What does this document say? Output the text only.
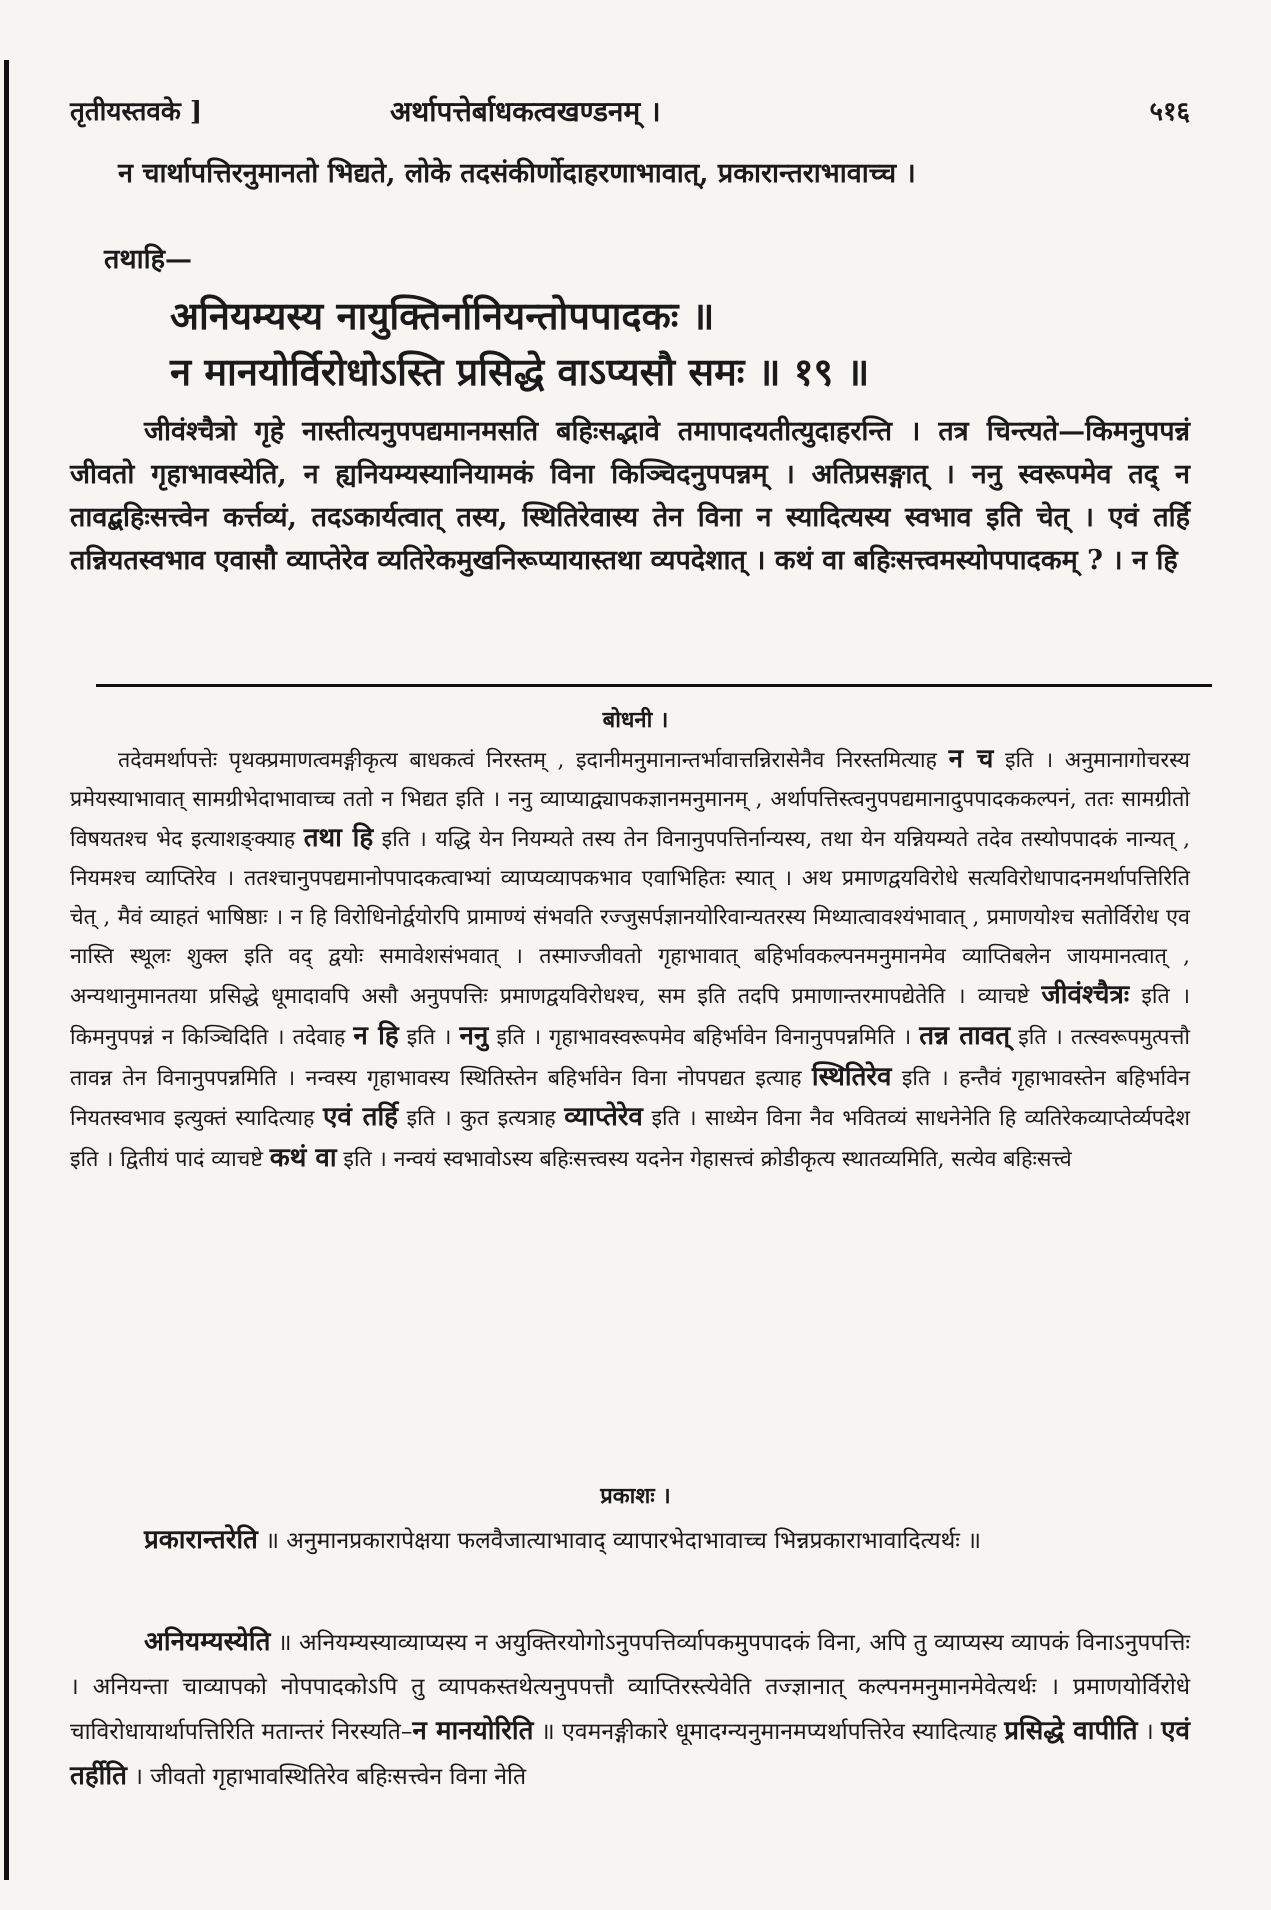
तृतीयस्तवके ]	अर्थापत्तेर्बाधकत्वखण्डनम् ।	५१६

न चार्थापत्तिरनुमानतो भिद्यते, लोके तदसंकीर्णोदाहरणाभावात्, प्रकारान्तराभावाच्च ।

तथाहि—

अनियम्यस्य नायुक्तिर्नानियन्तोपपादकः ॥

न मानयोर्विरोधोऽस्ति प्रसिद्धे वाऽप्यसौ समः ॥ १९ ॥

जीवंश्चैत्रो गृहे नास्तीत्यनुपपद्यमानमसति बहिःसद्भावे तमापादयतीत्युदाहरन्ति । तत्र चिन्त्यते—किमनुपपन्नं जीवतो गृहाभावस्येति, न ह्यनियम्यस्यानियामकं विना किञ्चिदनुपपन्नम् । अतिप्रसङ्गात् । ननु स्वरूपमेव तद् न तावद्बहिःसत्त्वेन कर्त्तव्यं, तदऽकार्यत्वात् तस्य, स्थितिरेवास्य तेन विना न स्यादित्यस्य स्वभाव इति चेत् । एवं तर्हि तन्नियतस्वभाव एवासौ व्याप्तेरेव व्यतिरेकमुखनिरूप्यायास्तथा व्यपदेशात् । कथं वा बहिःसत्त्वमस्योपपादकम् ? । न हि

बोधनी ।

तदेवमर्थापत्तेः पृथक्प्रमाणत्वमङ्गीकृत्य बाधकत्वं निरस्तम् , इदानीमनुमानान्तर्भावात्तन्निरासेनैव निरस्तमित्याह न च इति । अनुमानागोचरस्य प्रमेयस्याभावात् सामग्रीभेदाभावाच्च ततो न भिद्यत इति । ननु व्याप्याद्व्यापकज्ञानमनुमानम् , अर्थापत्तिस्त्वनुपपद्यमानादुपपादककल्पनं, ततः सामग्रीतो विषयतश्च भेद इत्याशङ्क्याह तथा हि इति । यद्धि येन नियम्यते तस्य तेन विनानुपपत्तिर्नान्यस्य, तथा येन यन्नियम्यते तदेव तस्योपपादकं नान्यत् , नियमश्च व्याप्तिरेव । ततश्चानुपपद्यमानोपपादकत्वाभ्यां व्याप्यव्यापकभाव एवाभिहितः स्यात् । अथ प्रमाणद्वयविरोधे सत्यविरोधापादनमर्थापत्तिरिति चेत् , मैवं व्याहतं भाषिष्ठाः । न हि विरोधिनोर्द्वयोरपि प्रामाण्यं संभवति रज्जुसर्पज्ञानयोरिवान्यतरस्य मिथ्यात्वावश्यंभावात् , प्रमाणयोश्च सतोर्विरोध एव नास्ति स्थूलः शुक्ल इति वद् द्वयोः समावेशसंभवात् । तस्माज्जीवतो गृहाभावात् बहिर्भावकल्पनमनुमानमेव व्याप्तिबलेन जायमानत्वात् , अन्यथानुमानतया प्रसिद्धे धूमादावपि असौ अनुपपत्तिः प्रमाणद्वयविरोधश्च, सम इति तदपि प्रमाणान्तरमापद्येतेति । व्याचष्टे जीवंश्चैत्रः इति । किमनुपपन्नं न किञ्चिदिति । तदेवाह न हि इति । ननु इति । गृहाभावस्वरूपमेव बहिर्भावेन विनानुपपन्नमिति । तन्न तावत् इति । तत्स्वरूपमुत्पत्तौ तावन्न तेन विनानुपपन्नमिति । नन्वस्य गृहाभावस्य स्थितिस्तेन बहिर्भावेन विना नोपपद्यत इत्याह स्थितिरेव इति । हन्तैवं गृहाभावस्तेन बहिर्भावेन नियतस्वभाव इत्युक्तं स्यादित्याह एवं तर्हि इति । कुत इत्यत्राह व्याप्तेरेव इति । साध्येन विना नैव भवितव्यं साधनेनेति हि व्यतिरेकव्याप्तेर्व्यपदेश इति । द्वितीयं पादं व्याचष्टे कथं वा इति । नन्वयं स्वभावोऽस्य बहिःसत्त्वस्य यदनेन गेहासत्त्वं क्रोडीकृत्य स्थातव्यमिति, सत्येव बहिःसत्त्वे

प्रकाशः ।

प्रकारान्तरेति ॥ अनुमानप्रकारापेक्षया फलवैजात्याभावाद् व्यापारभेदाभावाच्च भिन्नप्रकाराभावादित्यर्थः ॥

अनियम्यस्येति ॥ अनियम्यस्याव्याप्यस्य न अयुक्तिरयोगोऽनुपपत्तिर्व्यापकमुपपादकं विना, अपि तु व्याप्यस्य व्यापकं विनाऽनुपपत्तिः । अनियन्ता चाव्यापको नोपपादकोऽपि तु व्यापकस्तथेत्यनुपपत्तौ व्याप्तिरस्त्येवेति तज्ज्ञानात् कल्पनमनुमानमेवेत्यर्थः । प्रमाणयोर्विरोधे चाविरोधायार्थापत्तिरिति मतान्तरं निरस्यति–न मानयोरिति ॥ एवमनङ्गीकारे धूमादग्न्यनुमानमप्यर्थापत्तिरेव स्यादित्याह प्रसिद्धे वापीति । एवं तर्हीति । जीवतो गृहाभावस्थितिरेव बहिःसत्त्वेन विना नेति
